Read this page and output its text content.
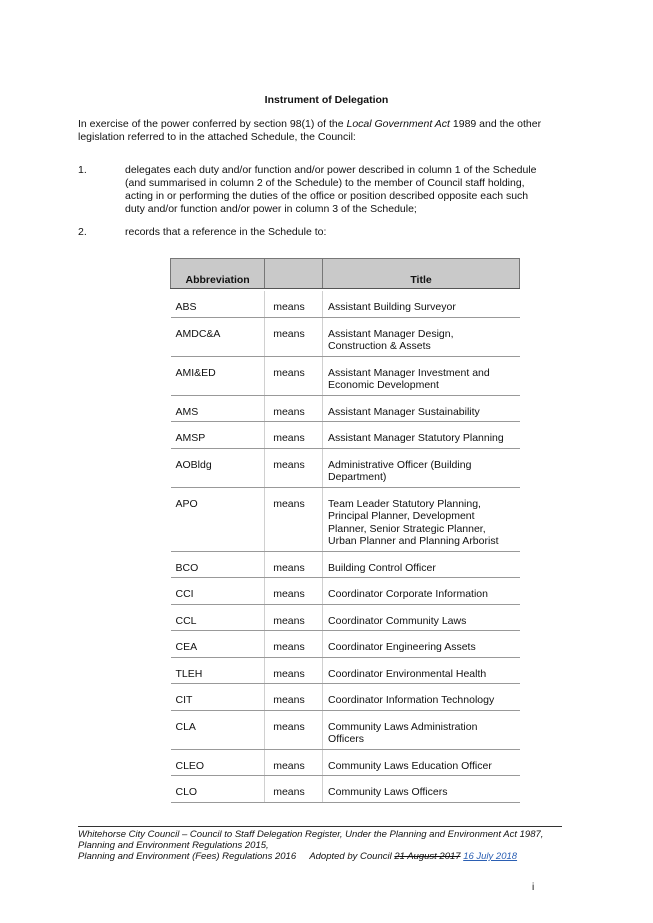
Instrument of Delegation
In exercise of the power conferred by section 98(1) of the Local Government Act 1989 and the other legislation referred to in the attached Schedule, the Council:
1.	delegates each duty and/or function and/or power described in column 1 of the Schedule (and summarised in column 2 of the Schedule) to the member of Council staff holding, acting in or performing the duties of the office or position described opposite each such duty and/or function and/or power in column 3 of the Schedule;
2.	records that a reference in the Schedule to:
Abbreviation		Title

ABS	means	Assistant Building Surveyor
AMDC&A	means	Assistant Manager Design, Construction & Assets
AMI&ED	means	Assistant Manager Investment and Economic Development
AMS	means	Assistant Manager Sustainability
AMSP	means	Assistant Manager Statutory Planning
AOBldg	means	Administrative Officer (Building Department)
APO	means	Team Leader Statutory Planning, Principal Planner, Development Planner, Senior Strategic Planner, Urban Planner and Planning Arborist
BCO	means	Building Control Officer
CCI	means	Coordinator Corporate Information
CCL	means	Coordinator Community Laws
CEA	means	Coordinator Engineering Assets
TLEH	means	Coordinator Environmental Health
CIT	means	Coordinator Information Technology
CLA	means	Community Laws Administration Officers
CLEO	means	Community Laws Education Officer
CLO	means	Community Laws Officers
Whitehorse City Council – Council to Staff Delegation Register, Under the Planning and Environment Act 1987, Planning and Environment Regulations 2015,
Planning and Environment (Fees) Regulations 2016 Adopted by Council 21 August 2017 16 July 2018
i
